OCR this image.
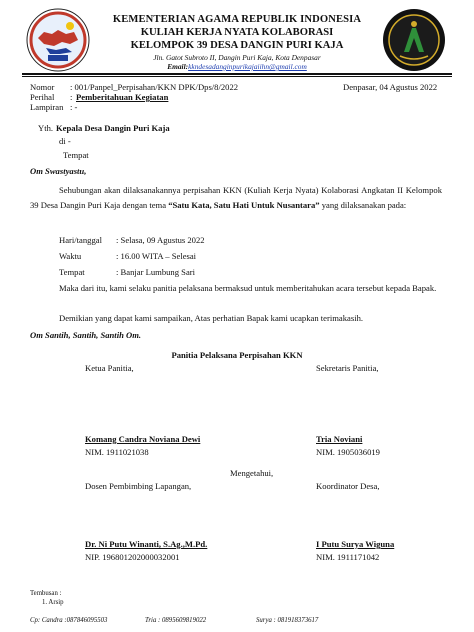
KEMENTERIAN AGAMA REPUBLIK INDONESIA
KULIAH KERJA NYATA KOLABORASI
KELOMPOK 39 DESA DANGIN PURI KAJA
Jln. Gatot Subroto II, Dangin Puri Kaja, Kota Denpasar
Email:kkndesadanginpurikajaiihn@gmail.com
Nomor : 001/Panpel_Perpisahan/KKN DPK/Dps/8/2022	Denpasar, 04 Agustus 2022
Perihal : Pemberitahuan Kegiatan
Lampiran : -
Yth. Kepala Desa Dangin Puri Kaja
di -
Tempat
Om Swastyastu,
Sehubungan akan dilaksanakannya perpisahan KKN (Kuliah Kerja Nyata) Kolaborasi Angkatan II Kelompok 39 Desa Dangin Puri Kaja dengan tema “Satu Kata, Satu Hati Untuk Nusantara” yang dilaksanakan pada:
Hari/tanggal : Selasa, 09 Agustus 2022
Waktu	: 16.00 WITA – Selesai
Tempat	: Banjar Lumbung Sari
Maka dari itu, kami selaku panitia pelaksana bermaksud untuk memberitahukan acara tersebut kepada Bapak.
Demikian yang dapat kami sampaikan, Atas perhatian Bapak kami ucapkan terimakasih.
Om Santih, Santih, Santih Om.
Panitia Pelaksana Perpisahan KKN
Ketua Panitia,	Sekretaris Panitia,
Komang Candra Noviana Dewi
NIM. 1911021038
Tria Noviani
NIM. 1905036019
Mengetahui,
Dosen Pembimbing Lapangan,	Koordinator Desa,
Dr. Ni Putu Winanti, S.Ag.,M.Pd.
NIP. 196801202000032001
I Putu Surya Wiguna
NIM. 1911171042
Tembusan :
1. Arsip
Cp: Candra :087846095503	Tria : 0895609819022	Surya : 081918373617
